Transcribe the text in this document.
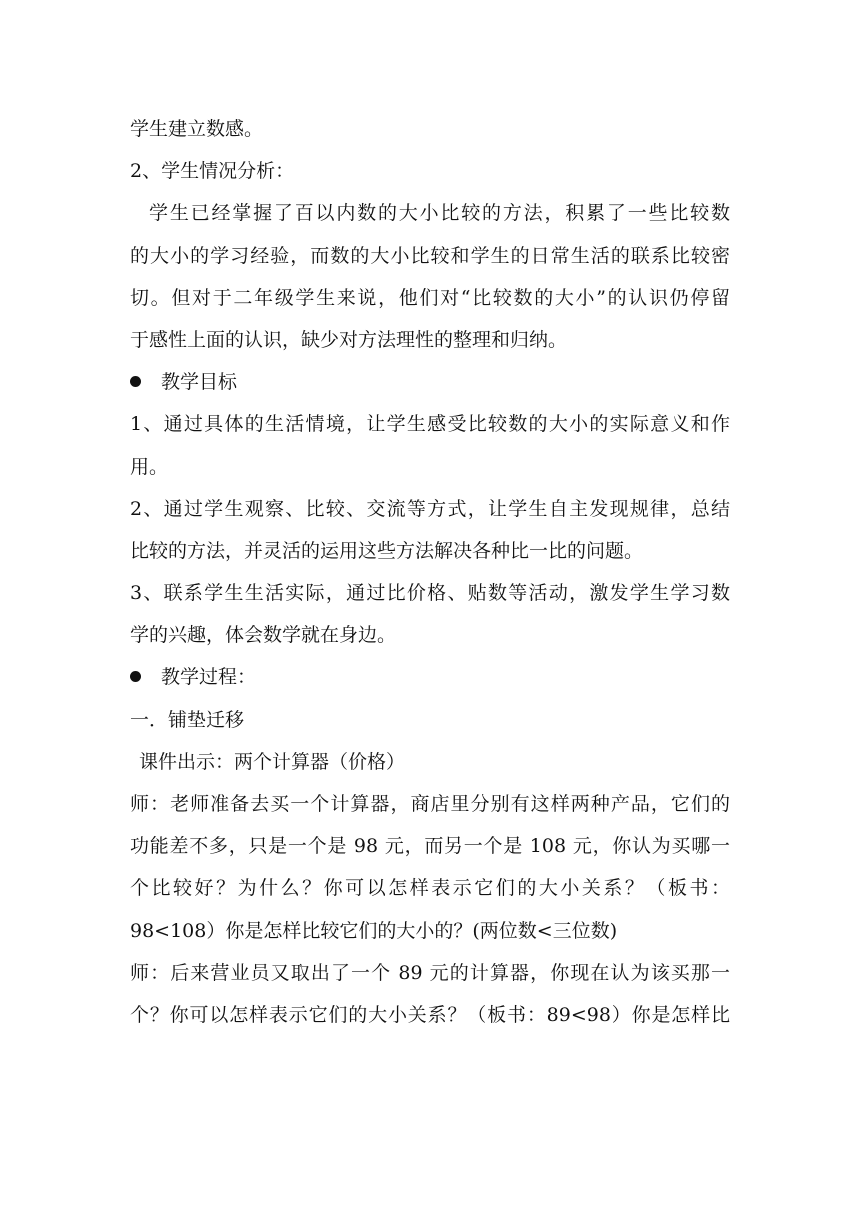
学生建立数感。
2、学生情况分析：
学生已经掌握了百以内数的大小比较的方法，积累了一些比较数
的大小的学习经验，而数的大小比较和学生的日常生活的联系比较密
切。但对于二年级学生来说，他们对“比较数的大小”的认识仍停留
于感性上面的认识，缺少对方法理性的整理和归纳。
教学目标
1、通过具体的生活情境，让学生感受比较数的大小的实际意义和作
用。
2、通过学生观察、比较、交流等方式，让学生自主发现规律，总结
比较的方法，并灵活的运用这些方法解决各种比一比的问题。
3、联系学生生活实际，通过比价格、贴数等活动，激发学生学习数
学的兴趣，体会数学就在身边。
教学过程：
一．铺垫迁移
课件出示：两个计算器（价格）
师：老师准备去买一个计算器，商店里分别有这样两种产品，它们的
功能差不多，只是一个是 98 元，而另一个是 108 元，你认为买哪一
个比较好？为什么？你可以怎样表示它们的大小关系？（板书：
98<108）你是怎样比较它们的大小的？(两位数<三位数)
师：后来营业员又取出了一个 89 元的计算器，你现在认为该买那一
个？你可以怎样表示它们的大小关系？（板书：89<98）你是怎样比
